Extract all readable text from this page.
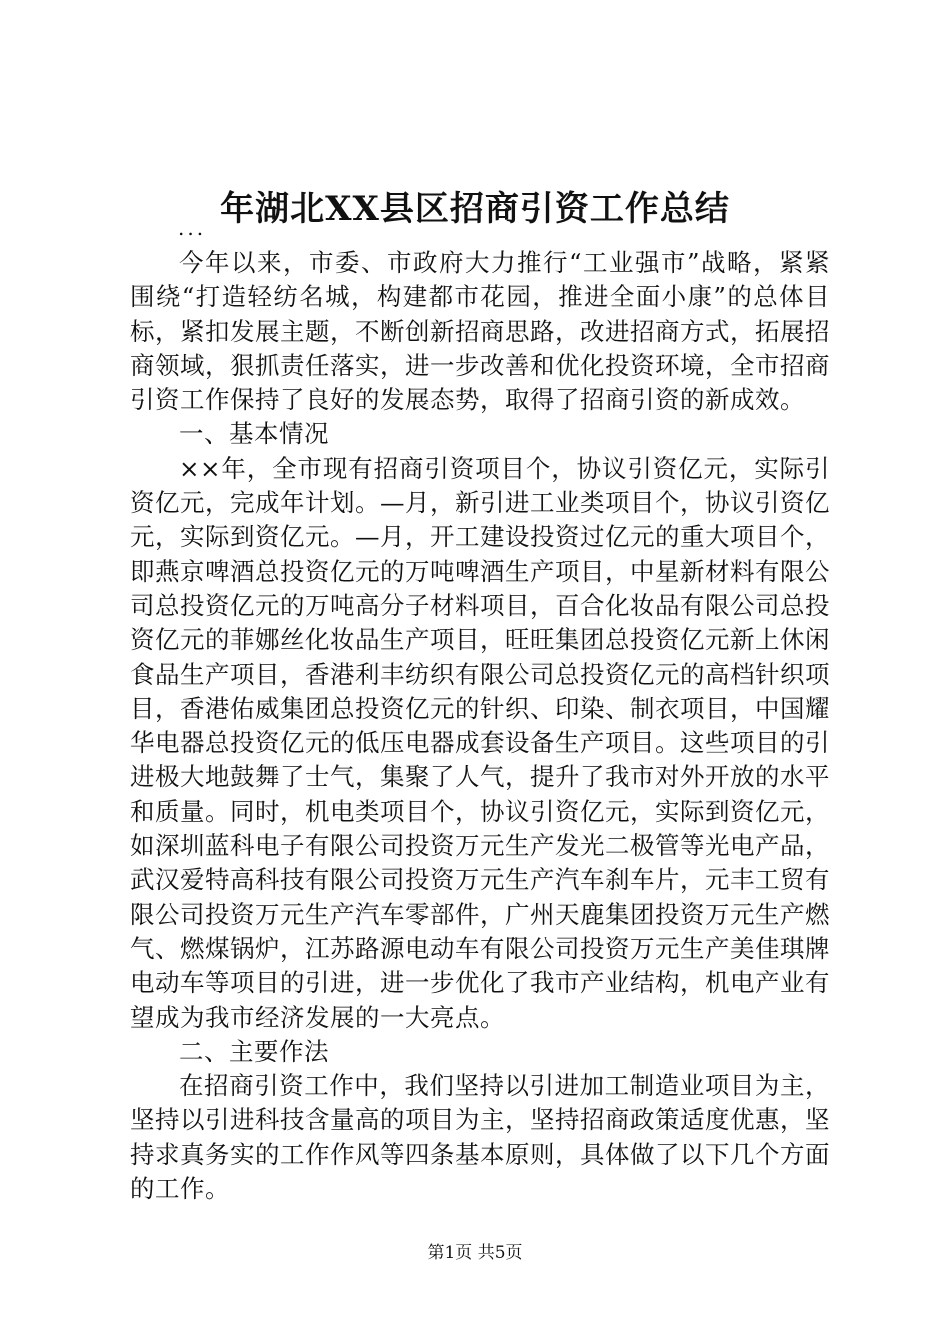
年湖北XX县区招商引资工作总结
...

今年以来，市委、市政府大力推行“工业强市”战略，紧紧围绕“打造轻纺名城，构建都市花园，推进全面小康”的总体目标，紧扣发展主题，不断创新招商思路，改进招商方式，拓展招商领域，狠抓责任落实，进一步改善和优化投资环境，全市招商引资工作保持了良好的发展态势，取得了招商引资的新成效。

一、基本情况

××年，全市现有招商引资项目个，协议引资亿元，实际引资亿元，完成年计划。—月，新引进工业类项目个，协议引资亿元，实际到资亿元。—月，开工建设投资过亿元的重大项目个，即燕京啤酒总投资亿元的万吨啤酒生产项目，中星新材料有限公司总投资亿元的万吨高分子材料项目，百合化妆品有限公司总投资亿元的菲娜丝化妆品生产项目，旺旺集团总投资亿元新上休闲食品生产项目，香港利丰纺织有限公司总投资亿元的高档针织项目，香港佑威集团总投资亿元的针织、印染、制衣项目，中国耀华电器总投资亿元的低压电器成套设备生产项目。这些项目的引进极大地鼓舞了士气，集聚了人气，提升了我市对外开放的水平和质量。同时，机电类项目个，协议引资亿元，实际到资亿元，如深圳蓝科电子有限公司投资万元生产发光二极管等光电产品，武汉爱特高科技有限公司投资万元生产汽车刹车片，元丰工贸有限公司投资万元生产汽车零部件，广州天鹿集团投资万元生产燃气、燃煤锅炉，江苏路源电动车有限公司投资万元生产美佳琪牌电动车等项目的引进，进一步优化了我市产业结构，机电产业有望成为我市经济发展的一大亮点。

二、主要作法

在招商引资工作中，我们坚持以引进加工制造业项目为主，坚持以引进科技含量高的项目为主，坚持招商政策适度优惠，坚持求真务实的工作作风等四条基本原则，具体做了以下几个方面的工作。

第1页 共5页
